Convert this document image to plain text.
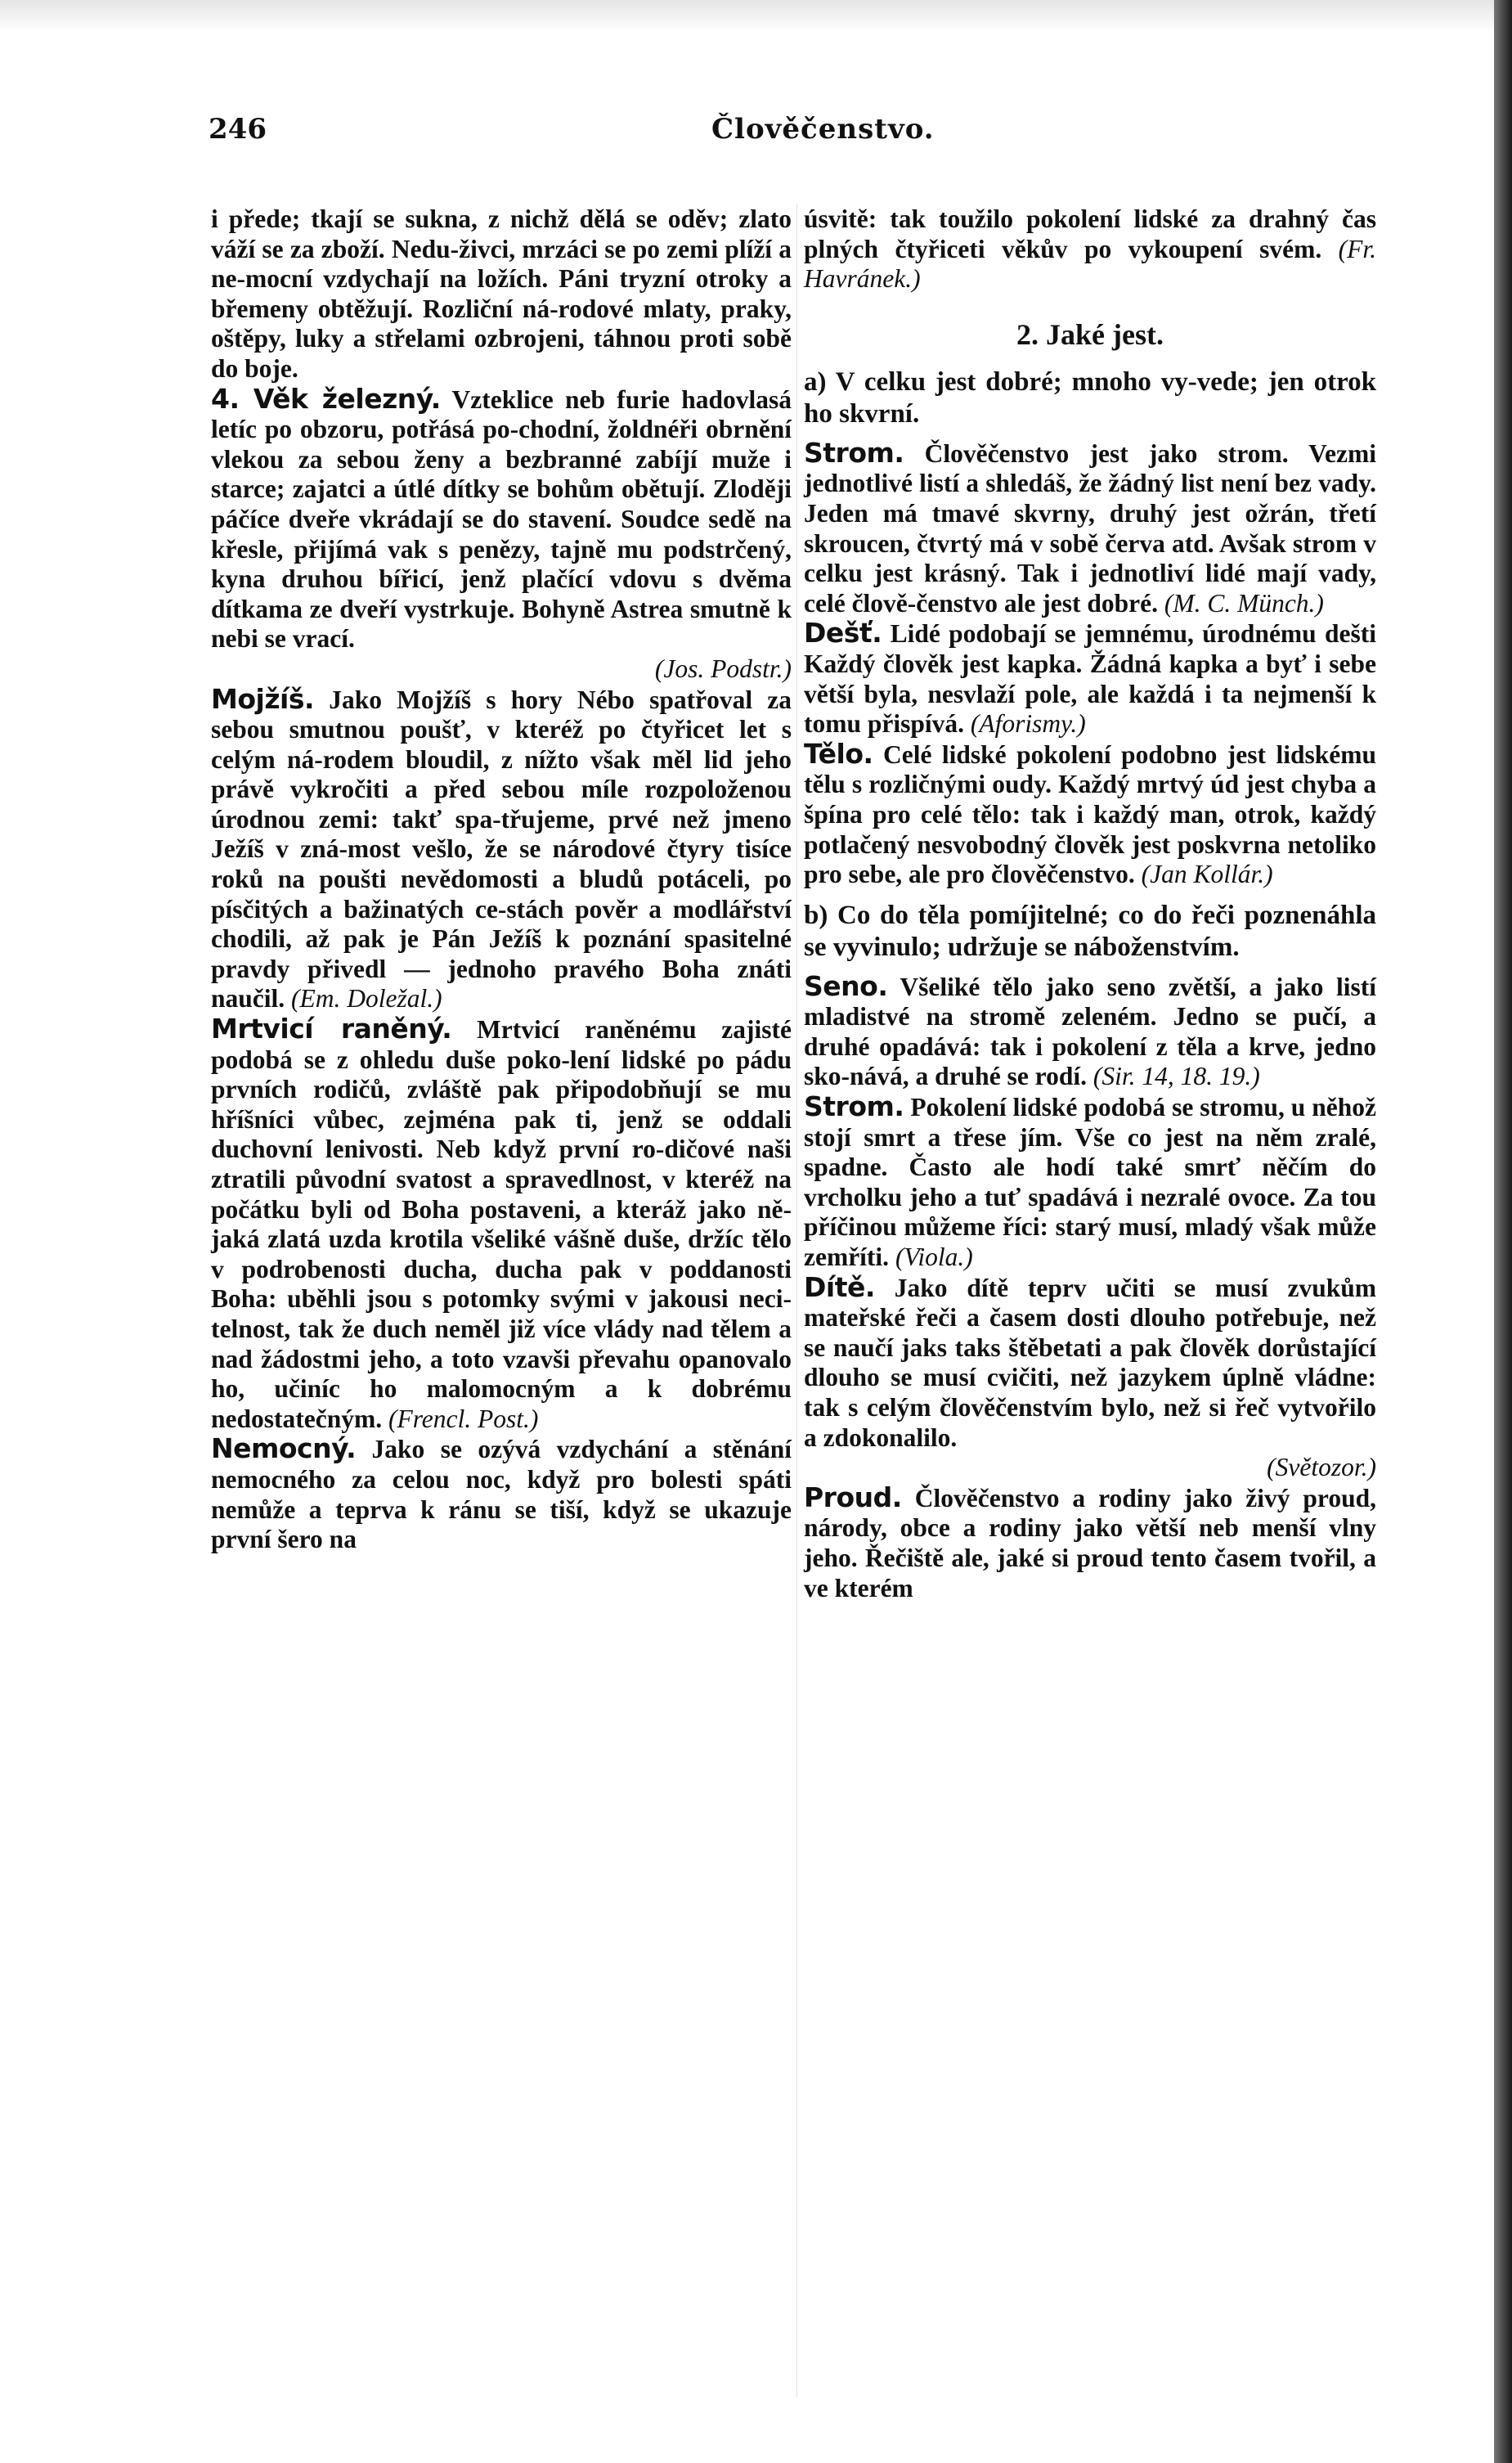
246	Člověčenstvo.

i přede; tkají se sukna, z nichž dělá se oděv; zlato váží se za zboží. Nedu-živci, mrzáci se po zemi plíží a ne-mocní vzdychají na ložích. Páni tryzní otroky a břemeny obtěžují. Rozliční ná-rodové mlaty, praky, oštěpy, luky a střelami ozbrojeni, táhnou proti sobě do boje.

4. Věk železný. Vzteklice neb furie hadovlasá letíc po obzoru, potřásá po-chodní, žoldnéři obrnění vlekou za sebou ženy a bezbranné zabíjí muže i starce; zajatci a útlé dítky se bohům obětují. Zloději páčíce dveře vkrádají se do stavení. Soudce sedě na křesle, přijímá vak s penězy, tajně mu podstrčený, kyna druhou bířicí, jenž plačící vdovu s dvěma dítkama ze dveří vystrkuje. Bohyně Astrea smutně k nebi se vrací.

(Jos. Podstr.)

Mojžíš. Jako Mojžíš s hory Nébo spatřoval za sebou smutnou poušť, v kteréž po čtyřicet let s celým ná-rodem bloudil, z nížto však měl lid jeho právě vykročiti a před sebou míle rozpoloženou úrodnou zemi: takť spa-třujeme, prvé než jmeno Ježíš v zná-most vešlo, že se národové čtyry tisíce roků na poušti nevědomosti a bludů potáceli, po písčitých a bažinatých ce-stách pověr a modlářství chodili, až pak je Pán Ježíš k poznání spasitelné pravdy přivedl — jednoho pravého Boha znáti naučil. (Em. Doležal.)

Mrtvicí raněný. Mrtvicí raněnému zajisté podobá se z ohledu duše poko-lení lidské po pádu prvních rodičů, zvláště pak připodobňují se mu hříšníci vůbec, zejména pak ti, jenž se oddali duchovní lenivosti. Neb když první ro-dičové naši ztratili původní svatost a spravedlnost, v kteréž na počátku byli od Boha postaveni, a kteráž jako ně-jaká zlatá uzda krotila všeliké vášně duše, držíc tělo v podrobenosti ducha, ducha pak v poddanosti Boha: uběhli jsou s potomky svými v jakousi neci-telnost, tak že duch neměl již více vlády nad tělem a nad žádostmi jeho, a toto vzavši převahu opanovalo ho, učiníc ho malomocným a k dobrému nedostatečným. (Frencl. Post.)

Nemocný. Jako se ozývá vzdychání a stěnání nemocného za celou noc, když pro bolesti spáti nemůže a teprva k ránu se tiší, když se ukazuje první šero na

úsvitě: tak toužilo pokolení lidské za drahný čas plných čtyřiceti věkův po vykoupení svém. (Fr. Havránek.)

2. Jaké jest.

a) V celku jest dobré; mnoho vy-vede; jen otrok ho skvrní.

Strom. Člověčenstvo jest jako strom. Vezmi jednotlivé listí a shledáš, že žádný list není bez vady. Jeden má tmavé skvrny, druhý jest ožrán, třetí skroucen, čtvrtý má v sobě červa atd. Avšak strom v celku jest krásný. Tak i jednotliví lidé mají vady, celé člově-čenstvo ale jest dobré. (M. C. Münch.)

Dešť. Lidé podobají se jemnému, úrodnému dešti Každý člověk jest kapka. Žádná kapka a byť i sebe větší byla, nesvlaží pole, ale každá i ta nejmenší k tomu přispívá. (Aforismy.)

Tělo. Celé lidské pokolení podobno jest lidskému tělu s rozličnými oudy. Každý mrtvý úd jest chyba a špína pro celé tělo: tak i každý man, otrok, každý potlačený nesvobodný člověk jest poskvrna netoliko pro sebe, ale pro člověčenstvo. (Jan Kollár.)

b) Co do těla pomíjitelné; co do řeči poznenáhla se vyvinulo; udržuje se náboženstvím.

Seno. Všeliké tělo jako seno zvětší, a jako listí mladistvé na stromě zeleném. Jedno se pučí, a druhé opadává: tak i pokolení z těla a krve, jedno sko-nává, a druhé se rodí. (Sir. 14, 18. 19.)

Strom. Pokolení lidské podobá se stromu, u něhož stojí smrt a třese jím. Vše co jest na něm zralé, spadne. Často ale hodí také smrť něčím do vrcholku jeho a tuť spadává i nezralé ovoce. Za tou příčinou můžeme říci: starý musí, mladý však může zemříti. (Viola.)

Dítě. Jako dítě teprv učiti se musí zvukům mateřské řeči a časem dosti dlouho potřebuje, než se naučí jaks taks štěbetati a pak člověk dorůstající dlouho se musí cvičiti, než jazykem úplně vládne: tak s celým člověčenstvím bylo, než si řeč vytvořilo a zdokonalilo.

(Světozor.)

Proud. Člověčenstvo a rodiny jako živý proud, národy, obce a rodiny jako větší neb menší vlny jeho. Řečiště ale, jaké si proud tento časem tvořil, a ve kterém
